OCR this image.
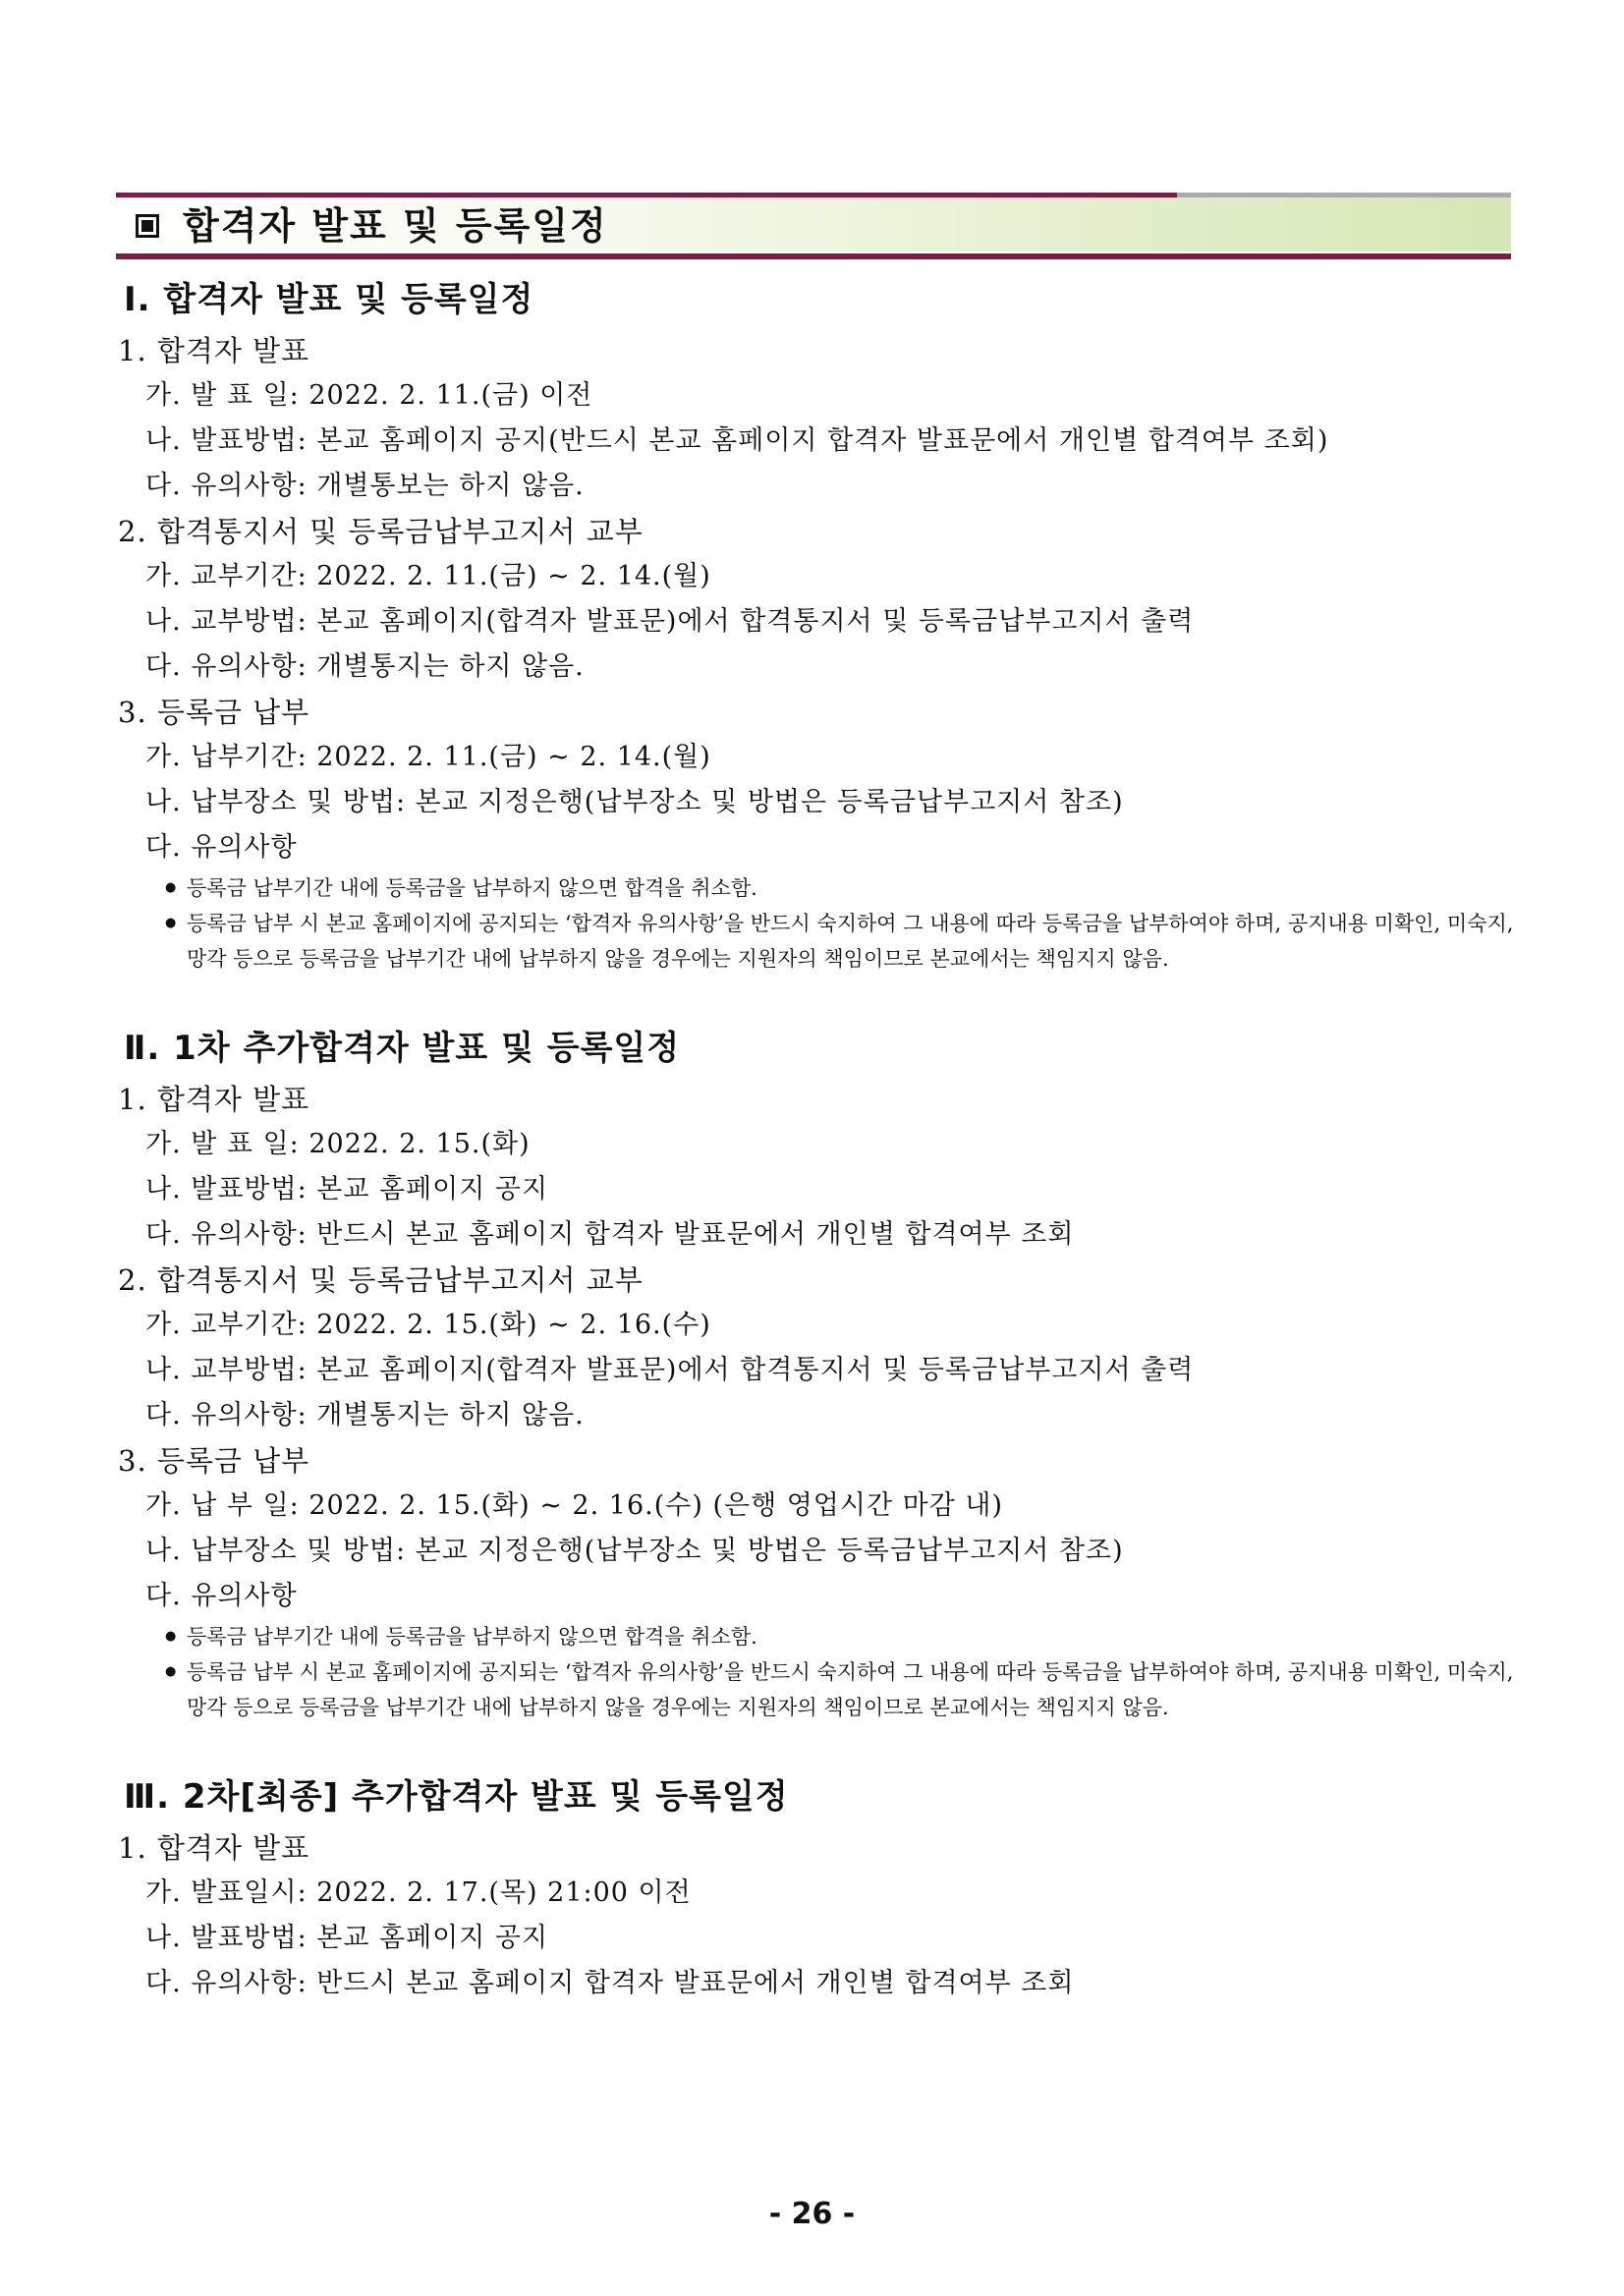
합격자 발표 및 등록일정
Ⅰ. 합격자 발표 및 등록일정
1. 합격자 발표
가. 발 표 일: 2022. 2. 11.(금) 이전
나. 발표방법: 본교 홈페이지 공지(반드시 본교 홈페이지 합격자 발표문에서 개인별 합격여부 조회)
다. 유의사항: 개별통보는 하지 않음.
2. 합격통지서 및 등록금납부고지서 교부
가. 교부기간: 2022. 2. 11.(금) ~ 2. 14.(월)
나. 교부방법: 본교 홈페이지(합격자 발표문)에서 합격통지서 및 등록금납부고지서 출력
다. 유의사항: 개별통지는 하지 않음.
3. 등록금 납부
가. 납부기간: 2022. 2. 11.(금) ~ 2. 14.(월)
나. 납부장소 및 방법: 본교 지정은행(납부장소 및 방법은 등록금납부고지서 참조)
다. 유의사항
● 등록금 납부기간 내에 등록금을 납부하지 않으면 합격을 취소함.
● 등록금 납부 시 본교 홈페이지에 공지되는 ‘합격자 유의사항’을 반드시 숙지하여 그 내용에 따라 등록금을 납부하여야 하며, 공지내용 미확인, 미숙지, 망각 등으로 등록금을 납부기간 내에 납부하지 않을 경우에는 지원자의 책임이므로 본교에서는 책임지지 않음.
Ⅱ. 1차 추가합격자 발표 및 등록일정
1. 합격자 발표
가. 발 표 일: 2022. 2. 15.(화)
나. 발표방법: 본교 홈페이지 공지
다. 유의사항: 반드시 본교 홈페이지 합격자 발표문에서 개인별 합격여부 조회
2. 합격통지서 및 등록금납부고지서 교부
가. 교부기간: 2022. 2. 15.(화) ~ 2. 16.(수)
나. 교부방법: 본교 홈페이지(합격자 발표문)에서 합격통지서 및 등록금납부고지서 출력
다. 유의사항: 개별통지는 하지 않음.
3. 등록금 납부
가. 납 부 일: 2022. 2. 15.(화) ~ 2. 16.(수) (은행 영업시간 마감 내)
나. 납부장소 및 방법: 본교 지정은행(납부장소 및 방법은 등록금납부고지서 참조)
다. 유의사항
● 등록금 납부기간 내에 등록금을 납부하지 않으면 합격을 취소함.
● 등록금 납부 시 본교 홈페이지에 공지되는 ‘합격자 유의사항’을 반드시 숙지하여 그 내용에 따라 등록금을 납부하여야 하며, 공지내용 미확인, 미숙지, 망각 등으로 등록금을 납부기간 내에 납부하지 않을 경우에는 지원자의 책임이므로 본교에서는 책임지지 않음.
Ⅲ. 2차[최종] 추가합격자 발표 및 등록일정
1. 합격자 발표
가. 발표일시: 2022. 2. 17.(목) 21:00 이전
나. 발표방법: 본교 홈페이지 공지
다. 유의사항: 반드시 본교 홈페이지 합격자 발표문에서 개인별 합격여부 조회
- 26 -
